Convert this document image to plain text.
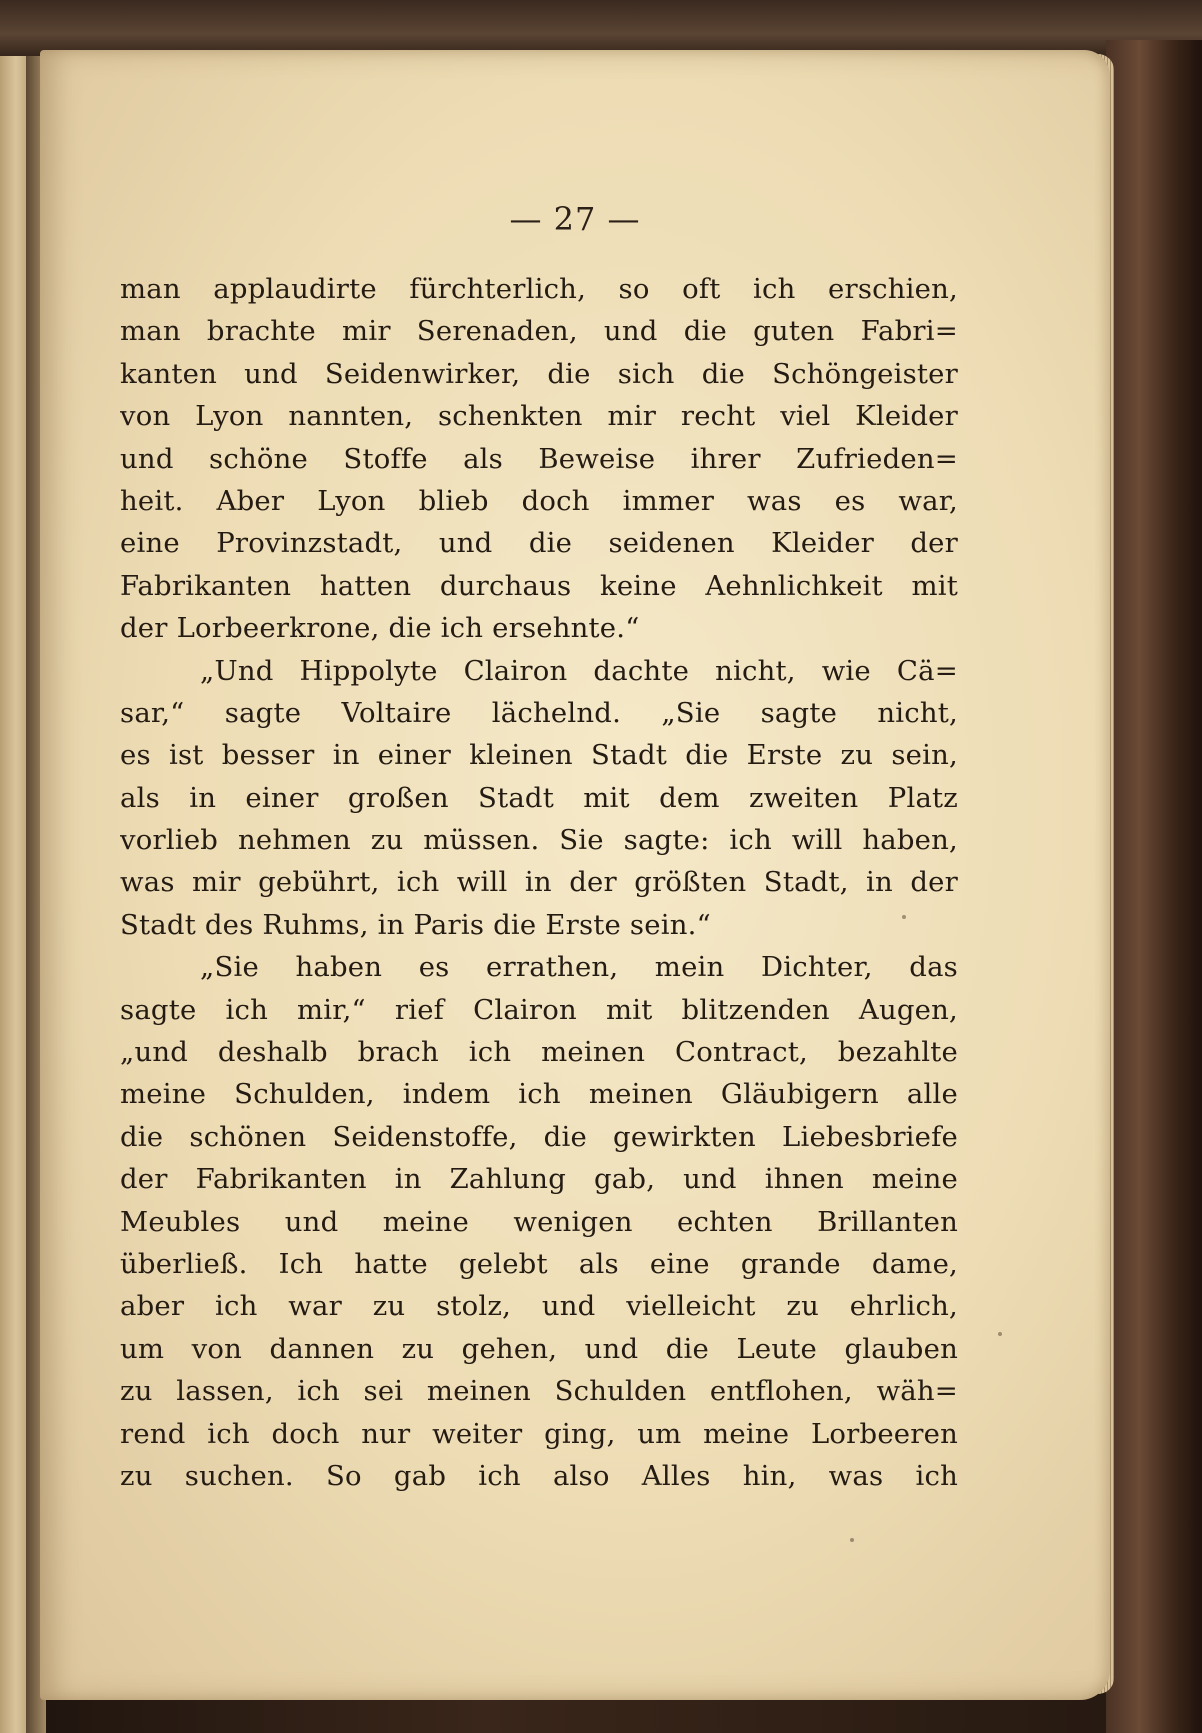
— 27 —
man applaudirte fürchterlich, so oft ich erschien,
man brachte mir Serenaden, und die guten Fabri=
kanten und Seidenwirker, die sich die Schöngeister
von Lyon nannten, schenkten mir recht viel Kleider
und schöne Stoffe als Beweise ihrer Zufrieden=
heit. Aber Lyon blieb doch immer was es war,
eine Provinzstadt, und die seidenen Kleider der
Fabrikanten hatten durchaus keine Aehnlichkeit mit
der Lorbeerkrone, die ich ersehnte.“
„Und Hippolyte Clairon dachte nicht, wie Cä=
sar,“ sagte Voltaire lächelnd. „Sie sagte nicht,
es ist besser in einer kleinen Stadt die Erste zu sein,
als in einer großen Stadt mit dem zweiten Platz
vorlieb nehmen zu müssen. Sie sagte: ich will haben,
was mir gebührt, ich will in der größten Stadt, in der
Stadt des Ruhms, in Paris die Erste sein.“
„Sie haben es errathen, mein Dichter, das
sagte ich mir,“ rief Clairon mit blitzenden Augen,
„und deshalb brach ich meinen Contract, bezahlte
meine Schulden, indem ich meinen Gläubigern alle
die schönen Seidenstoffe, die gewirkten Liebesbriefe
der Fabrikanten in Zahlung gab, und ihnen meine
Meubles und meine wenigen echten Brillanten
überließ. Ich hatte gelebt als eine grande dame,
aber ich war zu stolz, und vielleicht zu ehrlich,
um von dannen zu gehen, und die Leute glauben
zu lassen, ich sei meinen Schulden entflohen, wäh=
rend ich doch nur weiter ging, um meine Lorbeeren
zu suchen. So gab ich also Alles hin, was ich
